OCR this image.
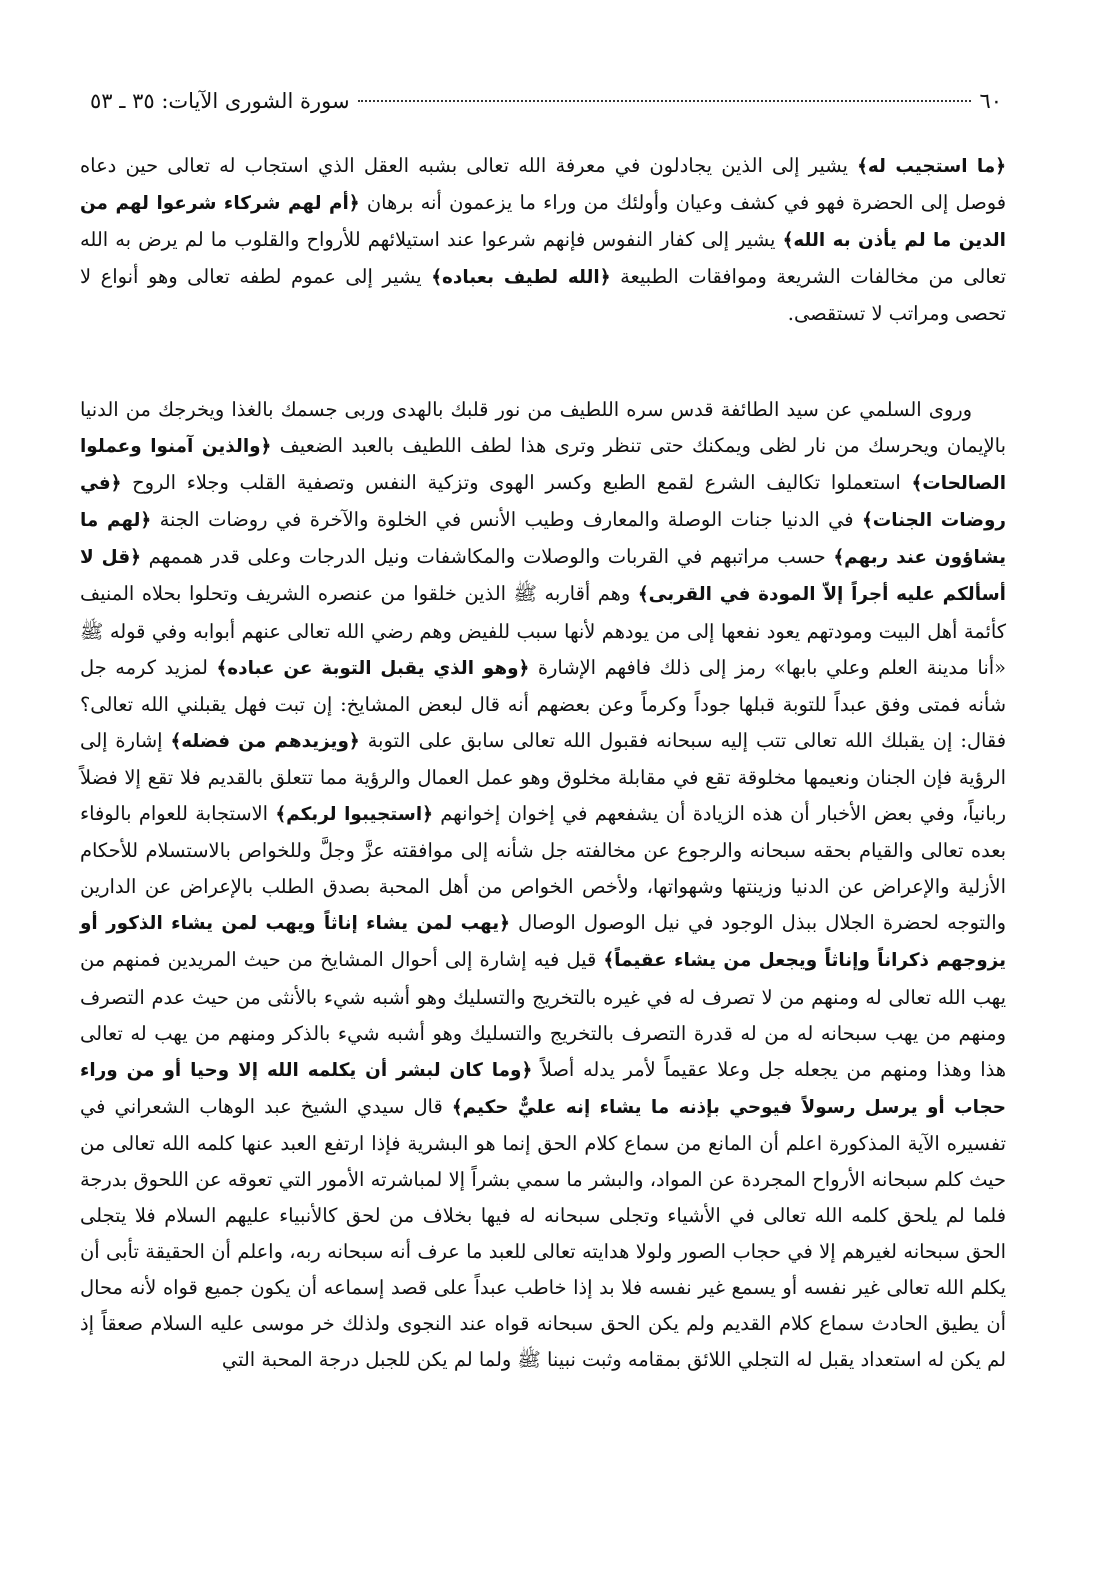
٦٠
سورة الشورى الآيات: ٣٥ ـ ٥٣
﴿ما استجيب له﴾ يشير إلى الذين يجادلون في معرفة الله تعالى بشبه العقل الذي استجاب له تعالى حين دعاه فوصل إلى الحضرة فهو في كشف وعيان وأولئك من وراء ما يزعمون أنه برهان ﴿أم لهم شركاء شرعوا لهم من الدين ما لم يأذن به الله﴾ يشير إلى كفار النفوس فإنهم شرعوا عند استيلائهم للأرواح والقلوب ما لم يرض به الله تعالى من مخالفات الشريعة وموافقات الطبيعة ﴿الله لطيف بعباده﴾ يشير إلى عموم لطفه تعالى وهو أنواع لا تحصى ومراتب لا تستقصى.
وروى السلمي عن سيد الطائفة قدس سره اللطيف من نور قلبك بالهدى وربى جسمك بالغذا ويخرجك من الدنيا بالإيمان ويحرسك من نار لظى ويمكنك حتى تنظر وترى هذا لطف اللطيف بالعبد الضعيف ﴿والذين آمنوا وعملوا الصالحات﴾ استعملوا تكاليف الشرع لقمع الطبع وكسر الهوى وتزكية النفس وتصفية القلب وجلاء الروح ﴿في روضات الجنات﴾ في الدنيا جنات الوصلة والمعارف وطيب الأنس في الخلوة والآخرة في روضات الجنة ﴿لهم ما يشاؤون عند ربهم﴾ حسب مراتبهم في القربات والوصلات والمكاشفات ونيل الدرجات وعلى قدر هممهم ﴿قل لا أسألكم عليه أجراً إلاّ المودة في القربى﴾ وهم أقاربه ﷺ الذين خلقوا من عنصره الشريف وتحلوا بحلاه المنيف كأئمة أهل البيت ومودتهم يعود نفعها إلى من يودهم لأنها سبب للفيض وهم رضي الله تعالى عنهم أبوابه وفي قوله ﷺ «أنا مدينة العلم وعلي بابها» رمز إلى ذلك فافهم الإشارة ﴿وهو الذي يقبل التوبة عن عباده﴾ لمزيد كرمه جل شأنه فمتى وفق عبداً للتوبة قبلها جوداً وكرماً وعن بعضهم أنه قال لبعض المشايخ: إن تبت فهل يقبلني الله تعالى؟ فقال: إن يقبلك الله تعالى تتب إليه سبحانه فقبول الله تعالى سابق على التوبة ﴿ويزيدهم من فضله﴾ إشارة إلى الرؤية فإن الجنان ونعيمها مخلوقة تقع في مقابلة مخلوق وهو عمل العمال والرؤية مما تتعلق بالقديم فلا تقع إلا فضلاً ربانياً، وفي بعض الأخبار أن هذه الزيادة أن يشفعهم في إخوان إخوانهم ﴿استجيبوا لربكم﴾ الاستجابة للعوام بالوفاء بعده تعالى والقيام بحقه سبحانه والرجوع عن مخالفته جل شأنه إلى موافقته عزَّ وجلَّ وللخواص بالاستسلام للأحكام الأزلية والإعراض عن الدنيا وزينتها وشهواتها، ولأخص الخواص من أهل المحبة بصدق الطلب بالإعراض عن الدارين والتوجه لحضرة الجلال ببذل الوجود في نيل الوصول الوصال ﴿يهب لمن يشاء إناثاً ويهب لمن يشاء الذكور أو يزوجهم ذكراناً وإناثاً ويجعل من يشاء عقيماً﴾ قيل فيه إشارة إلى أحوال المشايخ من حيث المريدين فمنهم من يهب الله تعالى له ومنهم من لا تصرف له في غيره بالتخريج والتسليك وهو أشبه شيء بالأنثى من حيث عدم التصرف ومنهم من يهب سبحانه له من له قدرة التصرف بالتخريج والتسليك وهو أشبه شيء بالذكر ومنهم من يهب له تعالى هذا وهذا ومنهم من يجعله جل وعلا عقيماً لأمر يدله أصلاً ﴿وما كان لبشر أن يكلمه الله إلا وحيا أو من وراء حجاب أو يرسل رسولاً فيوحي بإذنه ما يشاء إنه عليٌّ حكيم﴾ قال سيدي الشيخ عبد الوهاب الشعراني في تفسيره الآية المذكورة اعلم أن المانع من سماع كلام الحق إنما هو البشرية فإذا ارتفع العبد عنها كلمه الله تعالى من حيث كلم سبحانه الأرواح المجردة عن المواد، والبشر ما سمي بشراً إلا لمباشرته الأمور التي تعوقه عن اللحوق بدرجة فلما لم يلحق كلمه الله تعالى في الأشياء وتجلى سبحانه له فيها بخلاف من لحق كالأنبياء عليهم السلام فلا يتجلى الحق سبحانه لغيرهم إلا في حجاب الصور ولولا هدايته تعالى للعبد ما عرف أنه سبحانه ربه، واعلم أن الحقيقة تأبى أن يكلم الله تعالى غير نفسه أو يسمع غير نفسه فلا بد إذا خاطب عبداً على قصد إسماعه أن يكون جميع قواه لأنه محال أن يطيق الحادث سماع كلام القديم ولم يكن الحق سبحانه قواه عند النجوى ولذلك خر موسى عليه السلام صعقاً إذ لم يكن له استعداد يقبل له التجلي اللائق بمقامه وثبت نبينا ﷺ ولما لم يكن للجبل درجة المحبة التي
